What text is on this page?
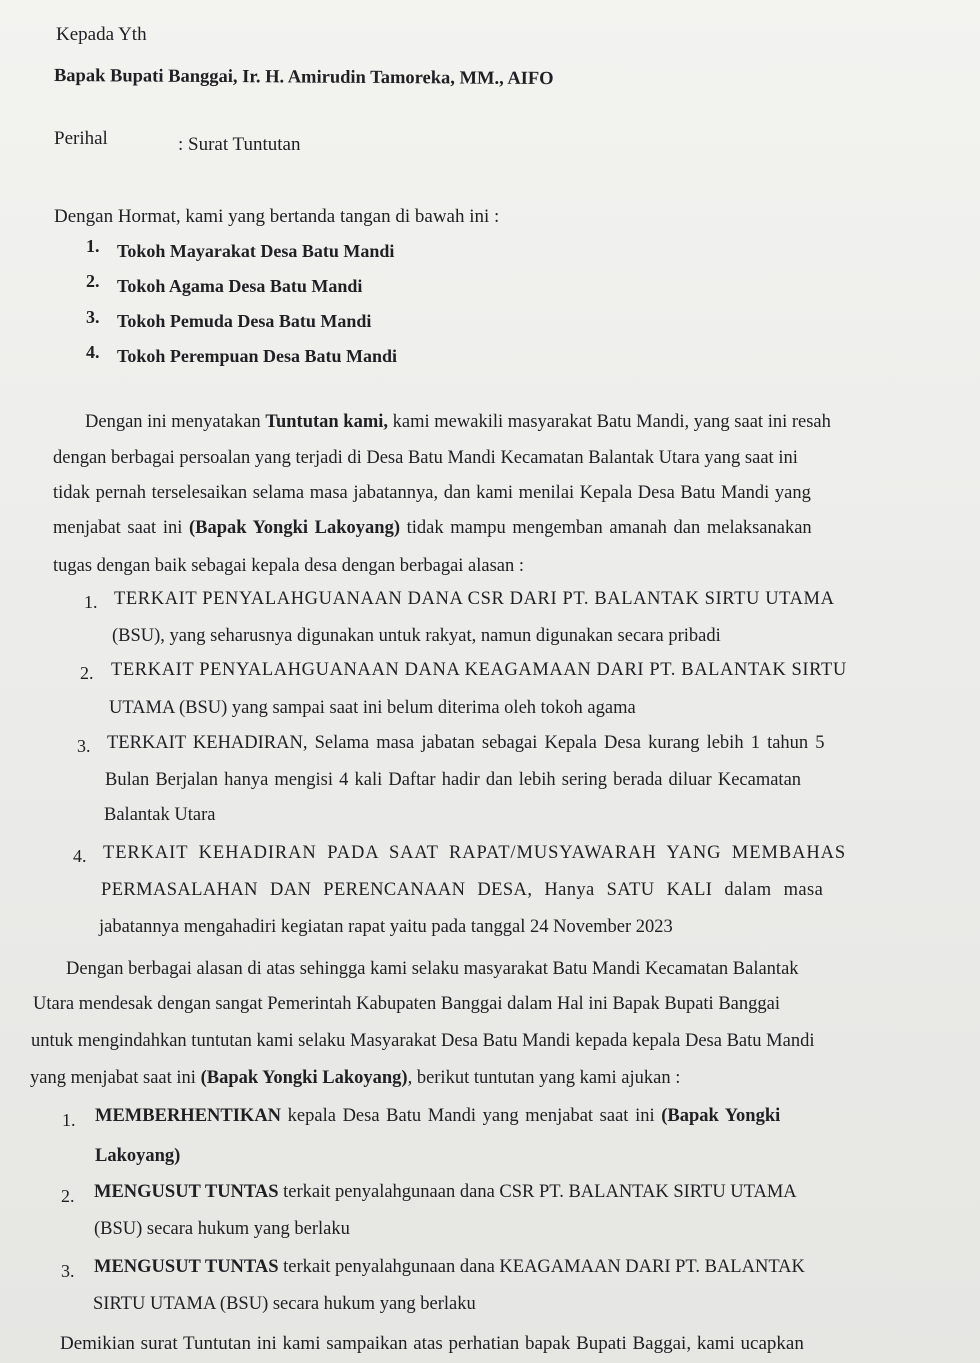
Kepada Yth
Bapak Bupati Banggai, Ir. H. Amirudin Tamoreka, MM., AIFO
Perihal	: Surat Tuntutan
Dengan Hormat, kami yang bertanda tangan di bawah ini :
1. Tokoh Mayarakat Desa Batu Mandi
2. Tokoh Agama Desa Batu Mandi
3. Tokoh Pemuda Desa Batu Mandi
4. Tokoh Perempuan Desa Batu Mandi
Dengan ini menyatakan Tuntutan kami, kami mewakili masyarakat Batu Mandi, yang saat ini resah
dengan berbagai persoalan yang terjadi di Desa Batu Mandi Kecamatan Balantak Utara yang saat ini
tidak pernah terselesaikan selama masa jabatannya, dan kami menilai Kepala Desa Batu Mandi yang
menjabat saat ini (Bapak Yongki Lakoyang) tidak mampu mengemban amanah dan melaksanakan
tugas dengan baik sebagai kepala desa dengan berbagai alasan :
1. TERKAIT PENYALAHGUANAAN DANA CSR DARI PT. BALANTAK SIRTU UTAMA
(BSU), yang seharusnya digunakan untuk rakyat, namun digunakan secara pribadi
2. TERKAIT PENYALAHGUANAAN DANA KEAGAMAAN DARI PT. BALANTAK SIRTU
UTAMA (BSU) yang sampai saat ini belum diterima oleh tokoh agama
3. TERKAIT KEHADIRAN, Selama masa jabatan sebagai Kepala Desa kurang lebih 1 tahun 5
Bulan Berjalan hanya mengisi 4 kali Daftar hadir dan lebih sering berada diluar Kecamatan
Balantak Utara
4. TERKAIT KEHADIRAN PADA SAAT RAPAT/MUSYAWARAH YANG MEMBAHAS
PERMASALAHAN DAN PERENCANAAN DESA, Hanya SATU KALI dalam masa
jabatannya mengahadiri kegiatan rapat yaitu pada tanggal 24 November 2023
Dengan berbagai alasan di atas sehingga kami selaku masyarakat Batu Mandi Kecamatan Balantak
Utara mendesak dengan sangat Pemerintah Kabupaten Banggai dalam Hal ini Bapak Bupati Banggai
untuk mengindahkan tuntutan kami selaku Masyarakat Desa Batu Mandi kepada kepala Desa Batu Mandi
yang menjabat saat ini (Bapak Yongki Lakoyang), berikut tuntutan yang kami ajukan :
1. MEMBERHENTIKAN kepala Desa Batu Mandi yang menjabat saat ini (Bapak Yongki
Lakoyang)
2. MENGUSUT TUNTAS terkait penyalahgunaan dana CSR PT. BALANTAK SIRTU UTAMA
(BSU) secara hukum yang berlaku
3. MENGUSUT TUNTAS terkait penyalahgunaan dana KEAGAMAAN DARI PT. BALANTAK
SIRTU UTAMA (BSU) secara hukum yang berlaku
Demikian surat Tuntutan ini kami sampaikan atas perhatian bapak Bupati Baggai, kami ucapkan
